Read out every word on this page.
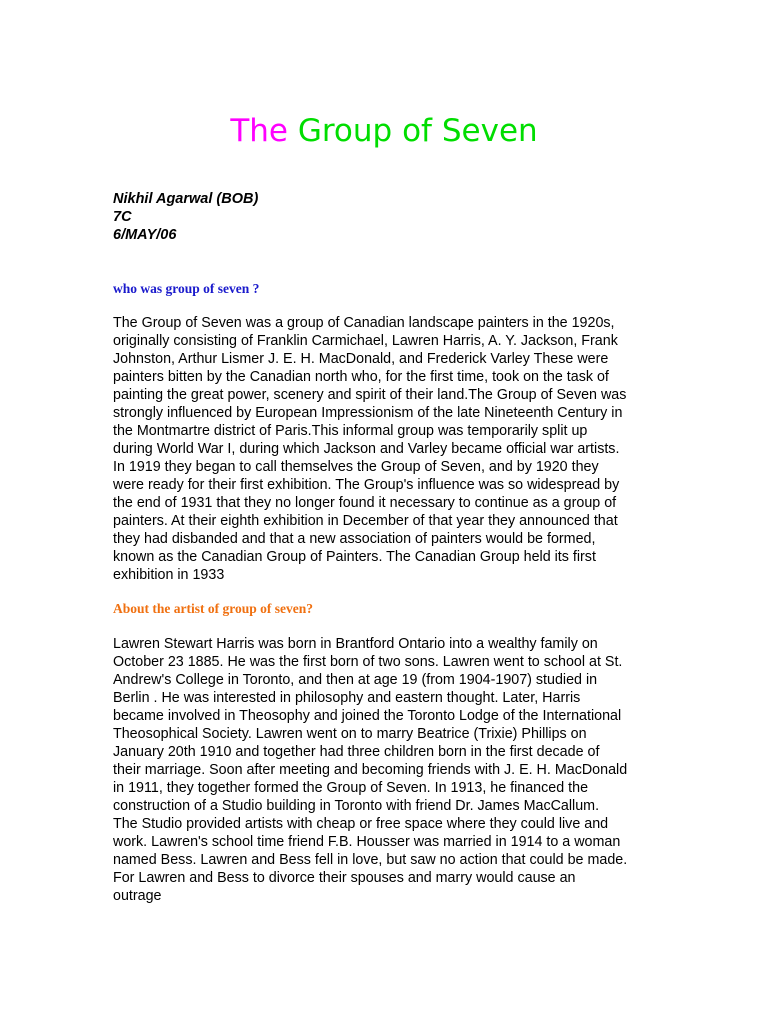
The Group of Seven
Nikhil Agarwal (BOB)
7C
6/MAY/06
who was group of seven ?
The Group of Seven was a group of Canadian landscape painters in the 1920s,
originally consisting of Franklin Carmichael, Lawren Harris, A. Y. Jackson, Frank
Johnston, Arthur Lismer J. E. H. MacDonald, and Frederick Varley These were
painters bitten by the Canadian north who, for the first time, took on the task of
painting the great power, scenery and spirit of their land.The Group of Seven was
strongly influenced by European Impressionism of the late Nineteenth Century in
the Montmartre district of Paris.This informal group was temporarily split up
during World War I, during which Jackson and Varley became official war artists.
In 1919 they began to call themselves the Group of Seven, and by 1920 they
were ready for their first exhibition. The Group's influence was so widespread by
the end of 1931 that they no longer found it necessary to continue as a group of
painters. At their eighth exhibition in December of that year they announced that
they had disbanded and that a new association of painters would be formed,
known as the Canadian Group of Painters. The Canadian Group held its first
exhibition in 1933
About the artist of group of seven?
Lawren Stewart Harris was born in Brantford Ontario into a wealthy family on
October 23 1885. He was the first born of two sons. Lawren went to school at St.
Andrew's College in Toronto, and then at age 19 (from 1904-1907) studied in
Berlin . He was interested in philosophy and eastern thought. Later, Harris
became involved in Theosophy and joined the Toronto Lodge of the International
Theosophical Society. Lawren went on to marry Beatrice (Trixie) Phillips on
January 20th 1910 and together had three children born in the first decade of
their marriage. Soon after meeting and becoming friends with J. E. H. MacDonald
in 1911, they together formed the Group of Seven. In 1913, he financed the
construction of a Studio building in Toronto with friend Dr. James MacCallum.
The Studio provided artists with cheap or free space where they could live and
work. Lawren's school time friend F.B. Housser was married in 1914 to a woman
named Bess. Lawren and Bess fell in love, but saw no action that could be made.
For Lawren and Bess to divorce their spouses and marry would cause an
outrage
